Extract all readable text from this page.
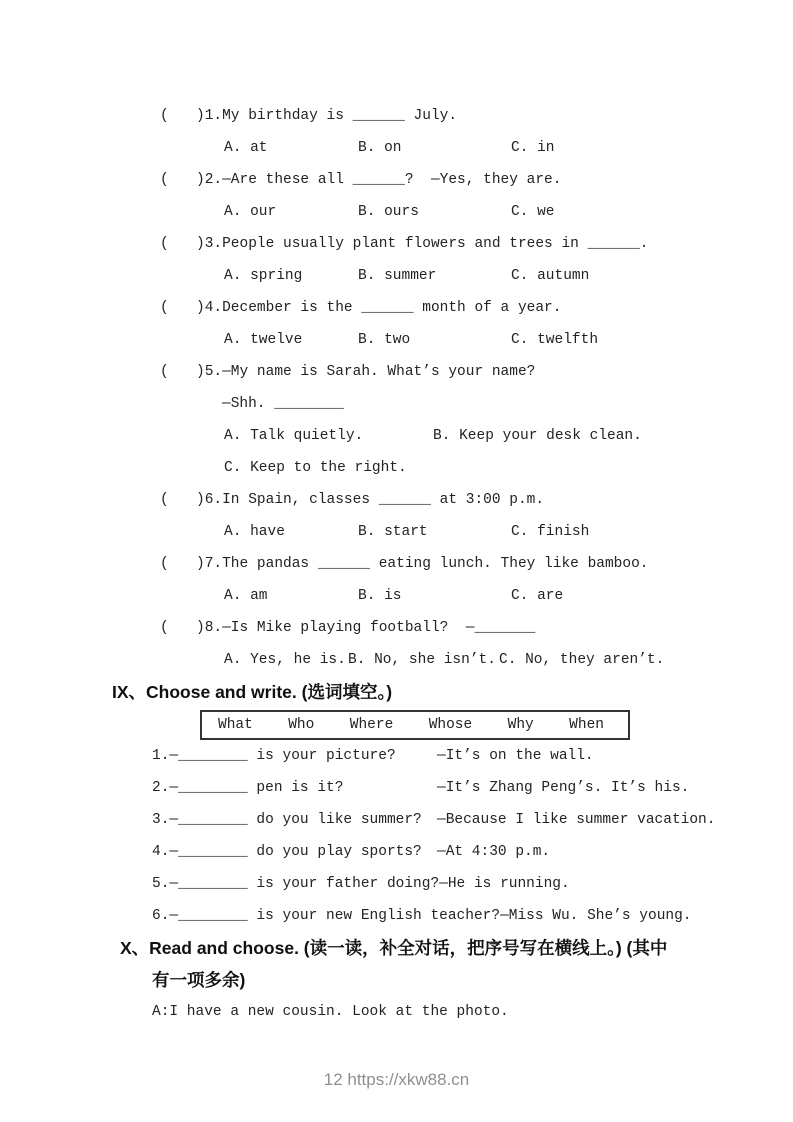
( )1.My birthday is ______ July.
A. at	B. on	C. in
( )2.—Are these all ______?  —Yes, they are.
A. our	B. ours	C. we
( )3.People usually plant flowers and trees in ______.
A. spring	B. summer	C. autumn
( )4.December is the ______ month of a year.
A. twelve	B. two	C. twelfth
( )5.—My name is Sarah. What’s your name?
—Shh. ________
A. Talk quietly.	B. Keep your desk clean.
C. Keep to the right.
( )6.In Spain, classes ______ at 3:00 p.m.
A. have	B. start	C. finish
( )7.The pandas ______ eating lunch. They like bamboo.
A. am	B. is	C. are
( )8.—Is Mike playing football?  —_______
A. Yes, he is. B. No, she isn’t. C. No, they aren’t.
IX、Choose and write. (选词填空。)
What Who Where Whose Why When
1.—________ is your picture?	—It’s on the wall.
2.—________ pen is it?	—It’s Zhang Peng’s. It’s his.
3.—________ do you like summer?	—Because I like summer vacation.
4.—________ do you play sports?	—At 4:30 p.m.
5.—________ is your father doing? —He is running.
6.—________ is your new English teacher? —Miss Wu. She’s young.
X、Read and choose. (读一读，补全对话，把序号写在横线上。) (其中有一项多余)
A:I have a new cousin. Look at the photo.
12 https://xkw88.cn
